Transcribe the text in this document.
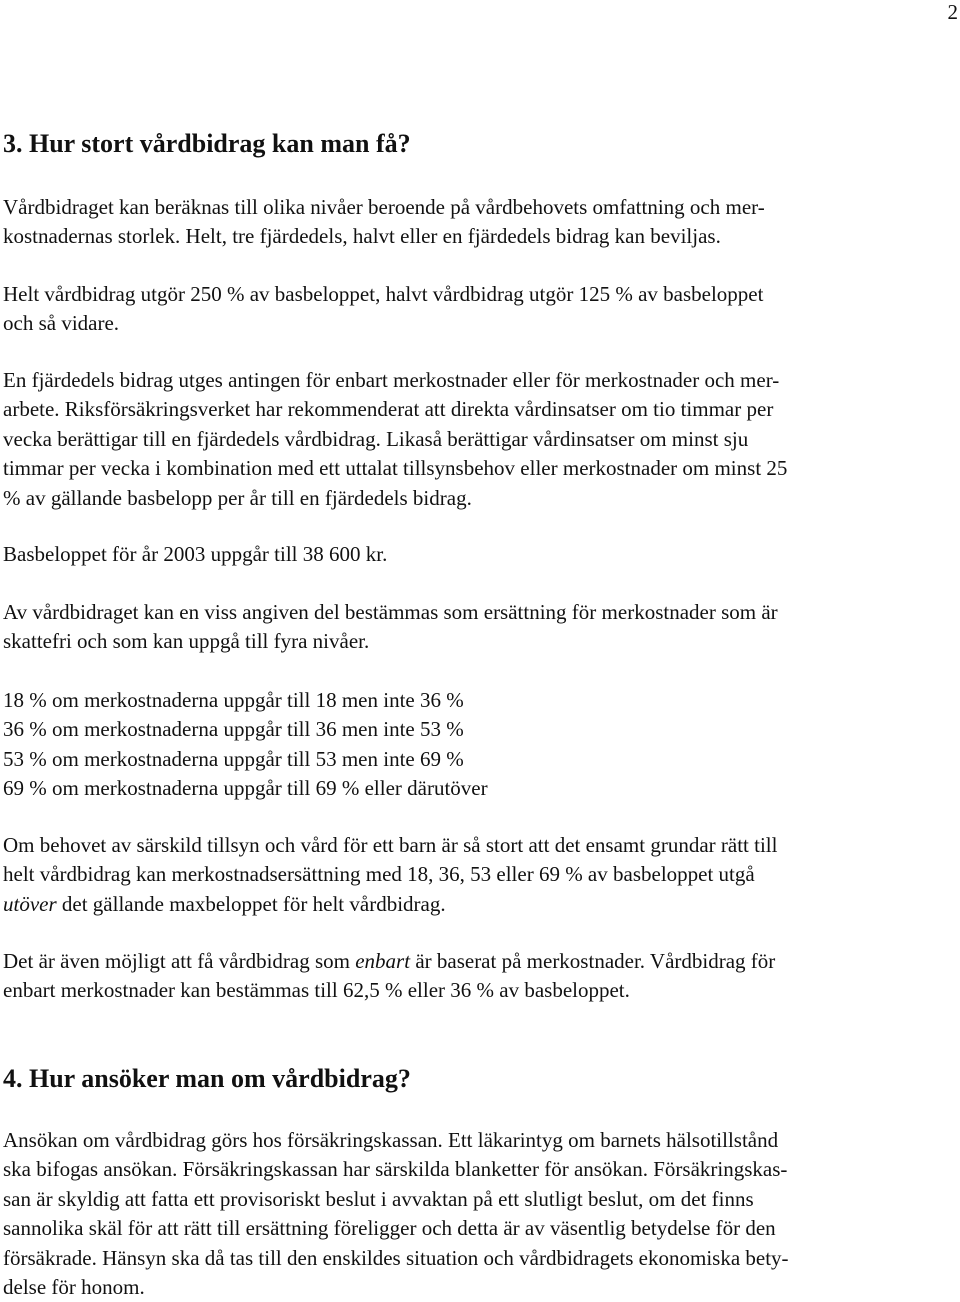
2
3. Hur stort vårdbidrag kan man få?

Vårdbidraget kan beräknas till olika nivåer beroende på vårdbehovets omfattning och mer-
kostnadernas storlek. Helt, tre fjärdedels, halvt eller en fjärdedels bidrag kan beviljas.

Helt vårdbidrag utgör 250 % av basbeloppet, halvt vårdbidrag utgör 125 % av basbeloppet
och så vidare.

En fjärdedels bidrag utges antingen för enbart merkostnader eller för merkostnader och mer-
arbete. Riksförsäkringsverket har rekommenderat att direkta vårdinsatser om tio timmar per
vecka berättigar till en fjärdedels vårdbidrag. Likaså berättigar vårdinsatser om minst sju
timmar per vecka i kombination med ett uttalat tillsynsbehov eller merkostnader om minst 25
% av gällande basbelopp per år till en fjärdedels bidrag.

Basbeloppet för år 2003 uppgår till 38 600 kr.

Av vårdbidraget kan en viss angiven del bestämmas som ersättning för merkostnader som är
skattefri och som kan uppgå till fyra nivåer.

18 % om merkostnaderna uppgår till 18 men inte 36 %
36 % om merkostnaderna uppgår till 36 men inte 53 %
53 % om merkostnaderna uppgår till 53 men inte 69 %
69 % om merkostnaderna uppgår till 69 % eller därutöver

Om behovet av särskild tillsyn och vård för ett barn är så stort att det ensamt grundar rätt till
helt vårdbidrag kan merkostnadsersättning med 18, 36, 53 eller 69 % av basbeloppet utgå
utöver det gällande maxbeloppet för helt vårdbidrag.

Det är även möjligt att få vårdbidrag som enbart är baserat på merkostnader. Vårdbidrag för
enbart merkostnader kan bestämmas till 62,5 % eller 36 % av basbeloppet.

4. Hur ansöker man om vårdbidrag?

Ansökan om vårdbidrag görs hos försäkringskassan. Ett läkarintyg om barnets hälsotillstånd
ska bifogas ansökan. Försäkringskassan har särskilda blanketter för ansökan. Försäkringskas-
san är skyldig att fatta ett provisoriskt beslut i avvaktan på ett slutligt beslut, om det finns
sannolika skäl för att rätt till ersättning föreligger och detta är av väsentlig betydelse för den
försäkrade. Hänsyn ska då tas till den enskildes situation och vårdbidragets ekonomiska bety-
delse för honom.
